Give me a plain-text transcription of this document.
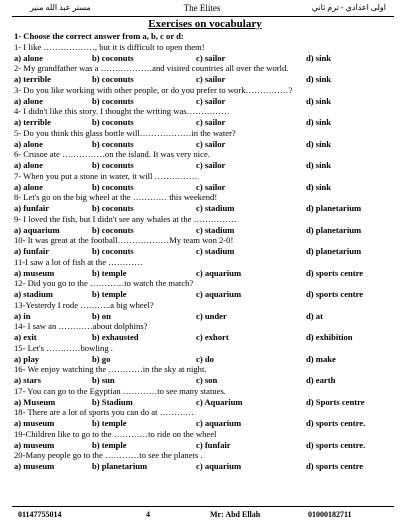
مستر عبد الله منير	The Elites	اولى اعدادي - ترم ثاني
Exercises on vocabulary
1- Choose the correct answer from a, b, c or d:
1- I like ………………, but it is difficult to open them!
a) alone	b) coconuts	c) sailor	d) sink
2- My grandfather was a ………………and visited countries all over the world.
a) terrible	b) coconuts	c) sailor	d) sink
3- Do you like working with other people, or do you prefer to work……………?
a) alone	b) coconuts	c) sailor	d) sink
4- I didn't like this story. I thought the writing was……………
a) terrible	b) coconuts	c) sailor	d) sink
5- Do you think this glass bottle will………………in the water?
a) alone	b) coconuts	c) sailor	d) sink
6- Crusoe ate ……………on the island. It was very nice.
a) alone	b) coconuts	c) sailor	d) sink
7- When you put a stone in water, it will ……………
a) alone	b) coconuts	c) sailor	d) sink
8- Let's go on the big wheel at the ………… this weekend!
a) funfair	b) coconuts	c) stadium	d) planetarium
9- I loved the fish, but I didn't see any whales at the ……………
a) aquarium	b) coconuts	c) stadium	d) planetarium
10- It was great at the football………………My team won 2-0!
a) funfair	b) coconuts	c) stadium	d) planetarium
11-I saw a lot of fish at the …………
a) museum	b) temple	c) aquarium	d) sports centre
12- Did you go to the …………to watch the match?
a) stadium	b) temple	c) aquarium	d) sports centre
13-Yesterdy I rode ………..a big wheel?
a) in	b) on	c) under	d) at
14- I saw an …………about dolphins?
a) exit	b) exhausted	c) exhort	d) exhibition
15- Let's …………bowling .
a) play	b) go	c) do	d) make
16- We enjoy watching the …………in the sky at night.
a) stars	b) sun	c) son	d) earth
17- You can go to the Egyptian …………to see many statues.
a) Museum	b) Stadium	c) Aquarium	d) Sports centre
18- There are a lot of sports you can do at …………
a) museum	b) temple	c) aquarium	d) sports centre.
19-Children like to go to the …………to ride on the wheel
a) museum	b) temple	c) funfair	d) sports centre.
20-Many people go to the …………to see the planets .
a) museum	b) planetarium	c) aquarium	d) sports centre
01147755014	4	Mr: Abd Ellah	01000182711
